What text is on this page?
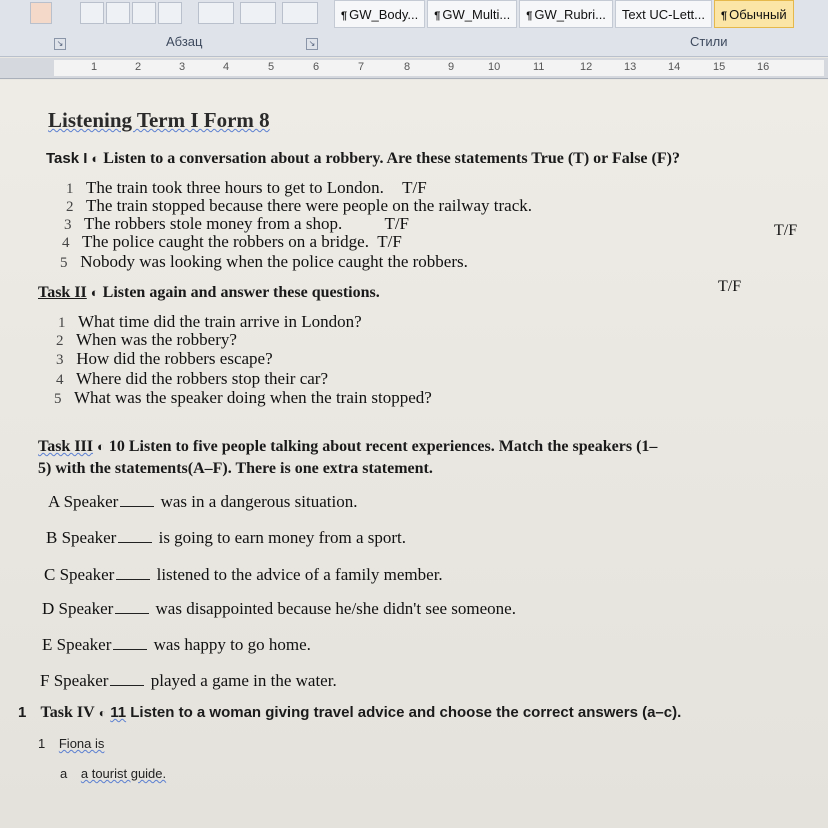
↘	Абзац	↘	Стили
¶ GW_Body...	¶ GW_Multi...	¶ GW_Rubri...	Text UC-Lett...	¶ Обычный
1	2	3	4	5	6	7	8	9	10	11	12	13	14	15	16
Listening Term I Form 8
Task I ◐ Listen to a conversation about a robbery. Are these statements True (T) or False (F)?
1 The train took three hours to get to London. T/F
2 The train stopped because there were people on the railway track.
T/F
3 The robbers stole money from a shop. T/F
4 The police caught the robbers on a bridge. T/F
5 Nobody was looking when the police caught the robbers.
T/F
Task II ◐ Listen again and answer these questions.
1 What time did the train arrive in London?
2 When was the robbery?
3 How did the robbers escape?
4 Where did the robbers stop their car?
5 What was the speaker doing when the train stopped?
Task III ◐ 10 Listen to five people talking about recent experiences. Match the speakers (1–
5) with the statements(A–F). There is one extra statement.
A Speaker was in a dangerous situation.
B Speaker is going to earn money from a sport.
C Speaker listened to the advice of a family member.
D Speaker was disappointed because he/she didn't see someone.
E Speaker was happy to go home.
F Speaker played a game in the water.
1 Task IV ◐ 11 Listen to a woman giving travel advice and choose the correct answers (a–c).
1 Fiona is
a a tourist guide.
